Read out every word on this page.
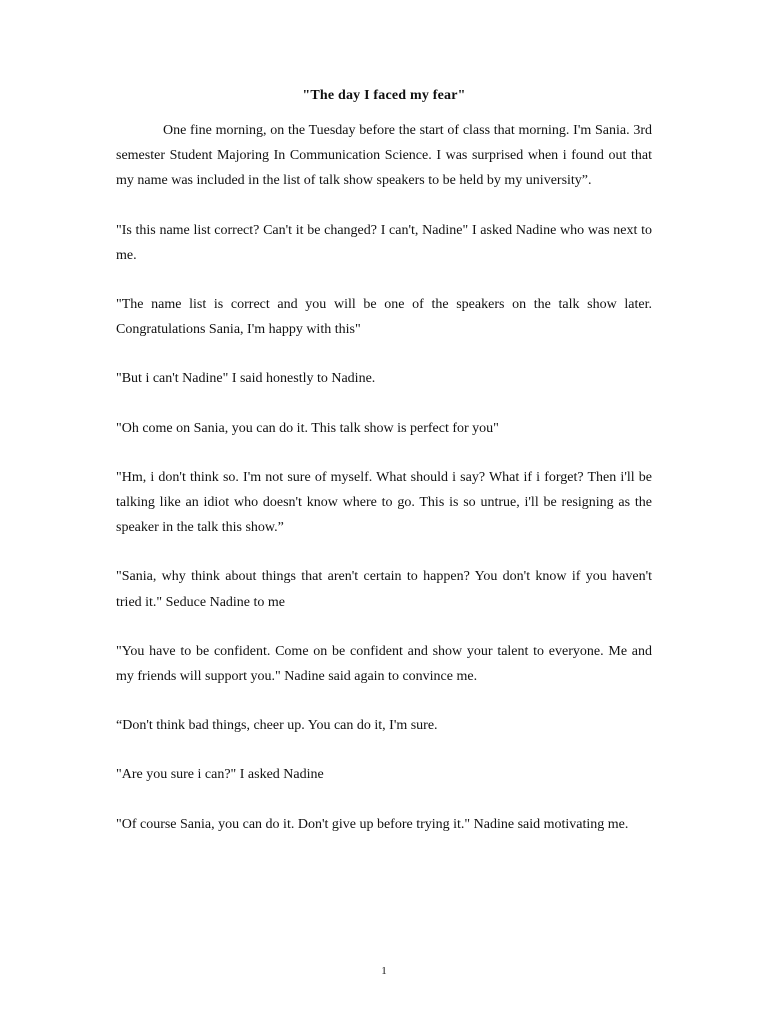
"The day I faced my fear"

One fine morning, on the Tuesday before the start of class that morning. I'm Sania. 3rd semester Student Majoring In Communication Science. I was surprised when i found out that my name was included in the list of talk show speakers to be held by my university”.

"Is this name list correct? Can't it be changed? I can't, Nadine" I asked Nadine who was next to me.

"The name list is correct and you will be one of the speakers on the talk show later. Congratulations Sania, I'm happy with this"

"But i can't Nadine" I said honestly to Nadine.

"Oh come on Sania, you can do it. This talk show is perfect for you"

"Hm, i don't think so. I'm not sure of myself. What should i say? What if i forget? Then i'll be talking like an idiot who doesn't know where to go. This is so untrue, i'll be resigning as the speaker in the talk this show.”

"Sania, why think about things that aren't certain to happen? You don't know if you haven't tried it." Seduce Nadine to me

"You have to be confident. Come on be confident and show your talent to everyone. Me and my friends will support you." Nadine said again to convince me.

“Don't think bad things, cheer up. You can do it, I'm sure.

"Are you sure i can?" I asked Nadine

"Of course Sania, you can do it. Don't give up before trying it." Nadine said motivating me.

1
